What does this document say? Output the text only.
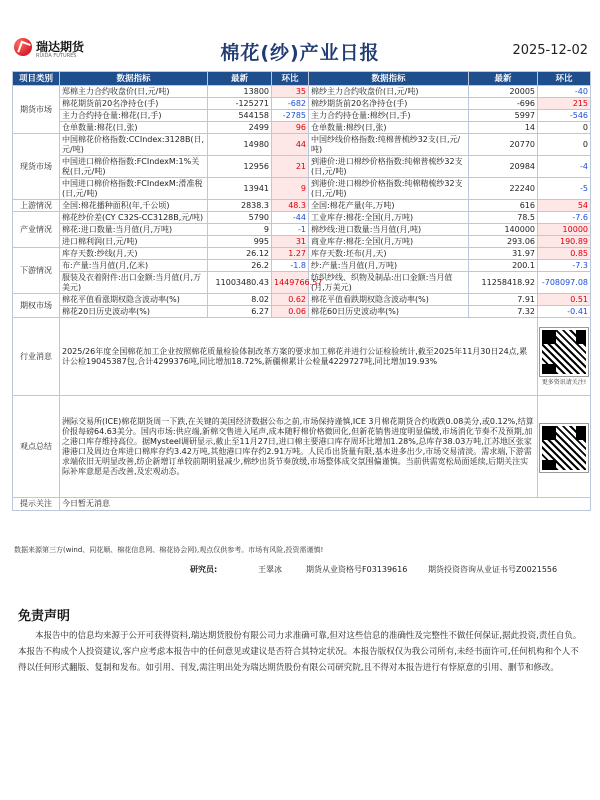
瑞达期货
RUIDA FUTURES	棉花(纱)产业日报	2025-12-02
项目类别	数据指标	最新	环比	数据指标	最新	环比
期货市场	郑棉主力合约收盘价(日,元/吨)	13800	35	棉纱主力合约收盘价(日,元/吨)	20005	-40
	棉花期货前20名净持仓(手)	-125271	-682	棉纱期货前20名净持仓(手)	-696	215
	主力合约持仓量:棉花(日,手)	544158	-2785	主力合约持仓量:棉纱(日,手)	5997	-546
	仓单数量:棉花(日,张)	2499	96	仓单数量:棉纱(日,张)	14	0
现货市场	中国棉花价格指数:CCIndex:3128B(日,元/吨)	14980	44	中国纱线价格指数:纯棉普梳纱32支(日,元/吨)	20770	0
	中国进口棉价格指数:FCIndexM:1%关税(日,元/吨)	12956	21	到港价:进口棉纱价格指数:纯棉普梳纱32支(日,元/吨)	20984	-4
	中国进口棉价格指数:FCIndexM:滑准税(日,元/吨)	13941	9	到港价:进口棉纱价格指数:纯棉精梳纱32支(日,元/吨)	22240	-5
上游情况	全国:棉花播种面积(年,千公顷)	2838.3	48.3	全国:棉花产量(年,万吨)	616	54
产业情况	棉花纱价差(CY C32S-CC3128B,元/吨)	5790	-44	工业库存:棉花:全国(月,万吨)	78.5	-7.6
	棉花:进口数量:当月值(月,万吨)	9	-1	棉纱线:进口数量:当月值(月,吨)	140000	10000
	进口棉利润(日,元/吨)	995	31	商业库存:棉花:全国(月,万吨)	293.06	190.89
下游情况	库存天数:纱线(月,天)	26.12	1.27	库存天数:坯布(月,天)	31.97	0.85
	布:产量:当月值(月,亿米)	26.2	-1.8	纱:产量:当月值(月,万吨)	200.1	-7.3
	服装及衣着附件:出口金额:当月值(月,万美元)	11003480.43	1449766.57	纺织纱线、织物及制品:出口金额:当月值(月,万美元)	11258418.92	-708097.08
期权市场	棉花平值看涨期权隐含波动率(%)	8.02	0.62	棉花平值看跌期权隐含波动率(%)	7.91	0.51
	棉花20日历史波动率(%)	6.27	0.06	棉花60日历史波动率(%)	7.32	-0.41
行业消息	2025/26年度全国棉花加工企业按照棉花质量检验体制改革方案的要求加工棉花并进行公证检验统计,截至2025年11月30日24点,累计公检19045387包,合计4299376吨,同比增加18.72%,新疆棉累计公检量4229727吨,同比增加19.93%					更多资讯请关注!

观点总结	洲际交易所(ICE)棉花期货周一下跌,在关键的美国经济数据公布之前,市场保持谨慎,ICE 3月棉花期货合约收跌0.08美分,或0.12%,结算价报每磅64.63美分。国内市场:供应端,新棉交售进入尾声,成本随籽棉价格微回化,但新花销售进度明显偏缓,市场消化节奏不及预期,加之港口库存维持高位。据Mysteel调研显示,截止至11月27日,进口棉主要港口库存周环比增加1.28%,总库存38.03万吨,江苏地区张家港港口及周边仓库进口棉库存约3.42万吨,其他港口库存约2.91万吨。人民币出货量有限,基本进多出少,市场交易清淡。需求端,下游需求端依旧无明显改善,纺企新增订单较前期明显减少,棉纱出货节奏放缓,市场整体成交氛围偏谨慎。当前供需宽松局面延续,后期关注实际补库意愿是否改善,及宏观动态。					

提示关注	今日暂无消息					
数据来源第三方(wind、同花顺、棉花信息网、棉花协会网),观点仅供参考。市场有风险,投资需谨慎!
研究员:	王翠冰	期货从业资格号F03139616	期货投资咨询从业证书号Z0021556
免责声明
本报告中的信息均来源于公开可获得资料,瑞达期货股份有限公司力求准确可靠,但对这些信息的准确性及完整性不做任何保证,据此投资,责任自负。本报告不构成个人投资建议,客户应考虑本报告中的任何意见或建议是否符合其特定状况。本报告版权仅为我公司所有,未经书面许可,任何机构和个人不得以任何形式翻版、复制和发布。如引用、刊发,需注明出处为瑞达期货股份有限公司研究院,且不得对本报告进行有悖原意的引用、删节和修改。
